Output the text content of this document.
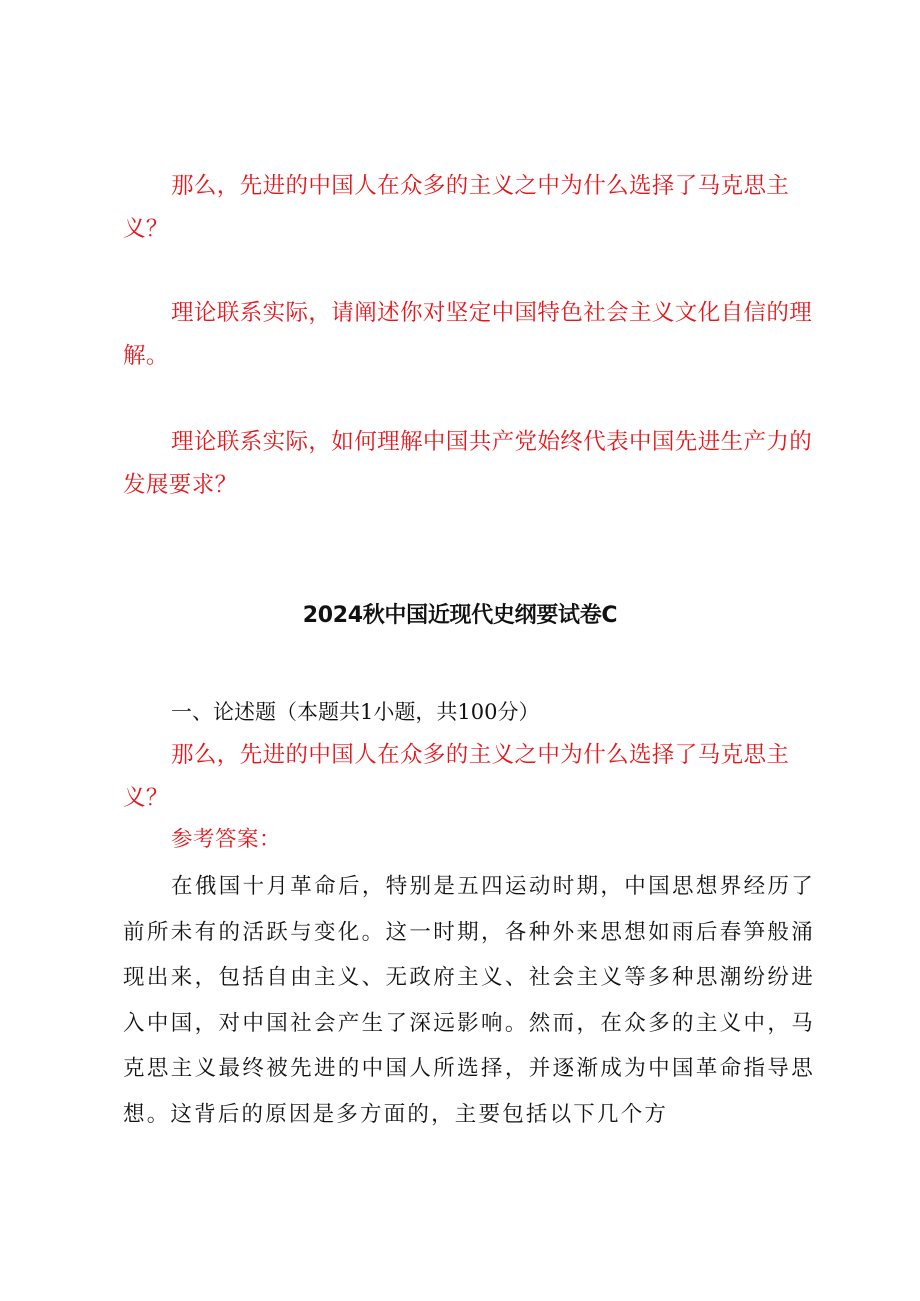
那么，先进的中国人在众多的主义之中为什么选择了马克思主义？

理论联系实际，请阐述你对坚定中国特色社会主义文化自信的理解。

理论联系实际，如何理解中国共产党始终代表中国先进生产力的发展要求？

2024秋中国近现代史纲要试卷C

一、论述题（本题共1小题，共100分）

那么，先进的中国人在众多的主义之中为什么选择了马克思主义？

参考答案：

在俄国十月革命后，特别是五四运动时期，中国思想界经历了前所未有的活跃与变化。这一时期，各种外来思想如雨后春笋般涌现出来，包括自由主义、无政府主义、社会主义等多种思潮纷纷进入中国，对中国社会产生了深远影响。然而，在众多的主义中，马克思主义最终被先进的中国人所选择，并逐渐成为中国革命指导思想。这背后的原因是多方面的，主要包括以下几个方
